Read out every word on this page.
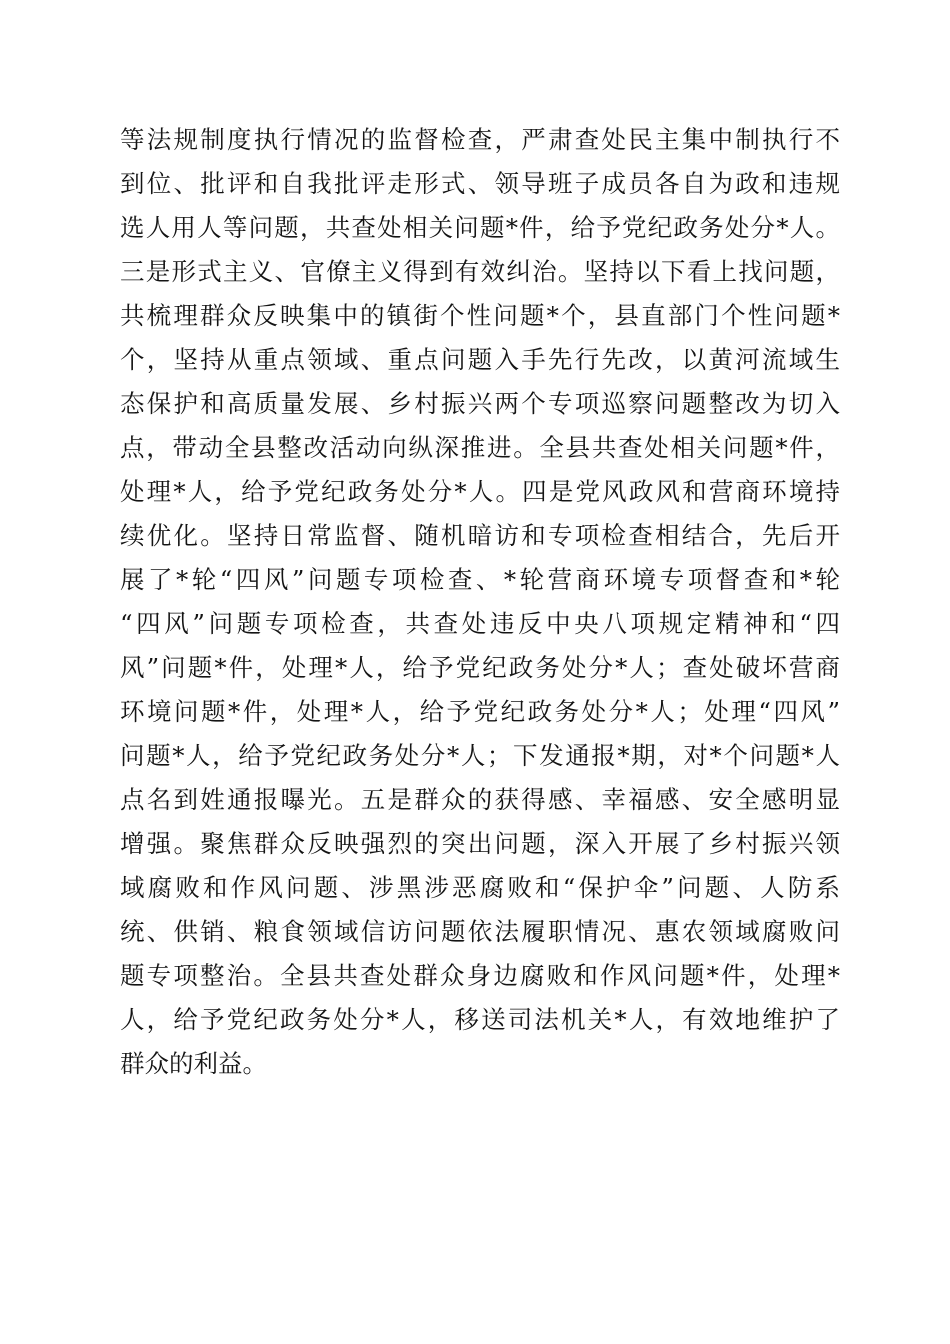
等法规制度执行情况的监督检查，严肃查处民主集中制执行不
到位、批评和自我批评走形式、领导班子成员各自为政和违规
选人用人等问题，共查处相关问题*件，给予党纪政务处分*人。
三是形式主义、官僚主义得到有效纠治。坚持以下看上找问题，
共梳理群众反映集中的镇街个性问题*个，县直部门个性问题*
个，坚持从重点领域、重点问题入手先行先改，以黄河流域生
态保护和高质量发展、乡村振兴两个专项巡察问题整改为切入
点，带动全县整改活动向纵深推进。全县共查处相关问题*件，
处理*人，给予党纪政务处分*人。四是党风政风和营商环境持
续优化。坚持日常监督、随机暗访和专项检查相结合，先后开
展了*轮“四风”问题专项检查、*轮营商环境专项督查和*轮
“四风”问题专项检查，共查处违反中央八项规定精神和“四
风”问题*件，处理*人，给予党纪政务处分*人；查处破坏营商
环境问题*件，处理*人，给予党纪政务处分*人；处理“四风”
问题*人，给予党纪政务处分*人；下发通报*期，对*个问题*人
点名到姓通报曝光。五是群众的获得感、幸福感、安全感明显
增强。聚焦群众反映强烈的突出问题，深入开展了乡村振兴领
域腐败和作风问题、涉黑涉恶腐败和“保护伞”问题、人防系
统、供销、粮食领域信访问题依法履职情况、惠农领域腐败问
题专项整治。全县共查处群众身边腐败和作风问题*件，处理*
人，给予党纪政务处分*人，移送司法机关*人，有效地维护了
群众的利益。
